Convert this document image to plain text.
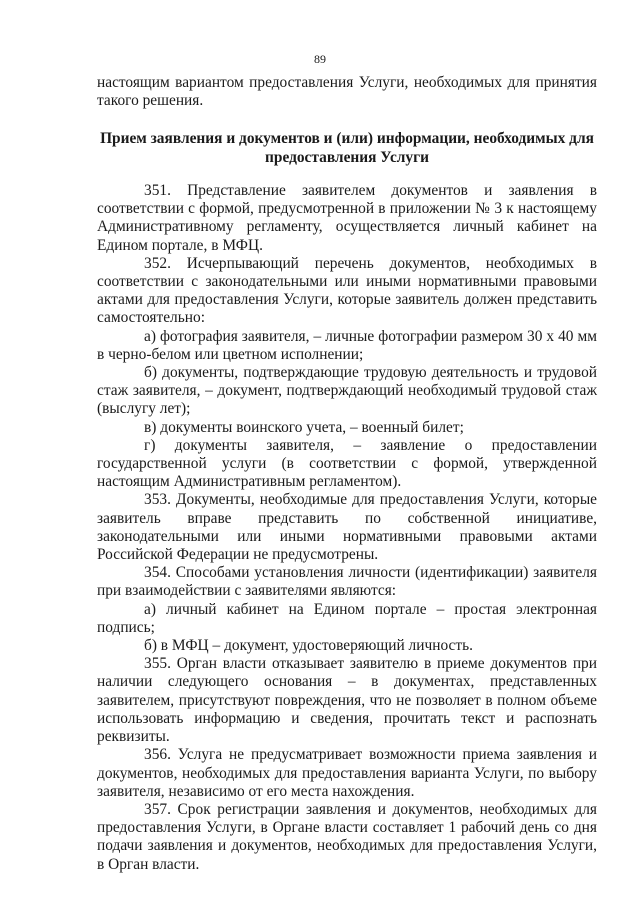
89

настоящим вариантом предоставления Услуги, необходимых для принятия такого решения.

Прием заявления и документов и (или) информации, необходимых для предоставления Услуги

351. Представление заявителем документов и заявления в соответствии с формой, предусмотренной в приложении № 3 к настоящему Административному регламенту, осуществляется личный кабинет на Едином портале, в МФЦ.

352. Исчерпывающий перечень документов, необходимых в соответствии с законодательными или иными нормативными правовыми актами для предоставления Услуги, которые заявитель должен представить самостоятельно:

а) фотография заявителя, – личные фотографии размером 30 x 40 мм в черно-белом или цветном исполнении;

б) документы, подтверждающие трудовую деятельность и трудовой стаж заявителя, – документ, подтверждающий необходимый трудовой стаж (выслугу лет);

в) документы воинского учета, – военный билет;

г) документы заявителя, – заявление о предоставлении государственной услуги (в соответствии с формой, утвержденной настоящим Административным регламентом).

353. Документы, необходимые для предоставления Услуги, которые заявитель вправе представить по собственной инициативе, законодательными или иными нормативными правовыми актами Российской Федерации не предусмотрены.

354. Способами установления личности (идентификации) заявителя при взаимодействии с заявителями являются:

а) личный кабинет на Едином портале – простая электронная подпись;

б) в МФЦ – документ, удостоверяющий личность.

355. Орган власти отказывает заявителю в приеме документов при наличии следующего основания – в документах, представленных заявителем, присутствуют повреждения, что не позволяет в полном объеме использовать информацию и сведения, прочитать текст и распознать реквизиты.

356. Услуга не предусматривает возможности приема заявления и документов, необходимых для предоставления варианта Услуги, по выбору заявителя, независимо от его места нахождения.

357. Срок регистрации заявления и документов, необходимых для предоставления Услуги, в Органе власти составляет 1 рабочий день со дня подачи заявления и документов, необходимых для предоставления Услуги, в Орган власти.
